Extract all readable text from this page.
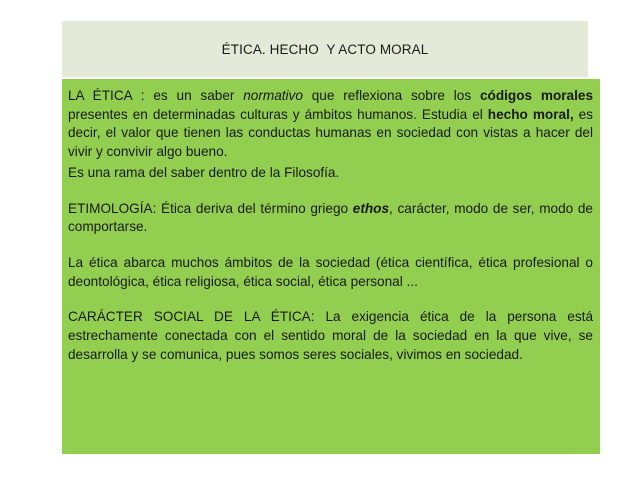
ÉTICA. HECHO  Y ACTO MORAL

LA ÉTICA : es un saber normativo que reflexiona sobre los códigos morales presentes en determinadas culturas y ámbitos humanos. Estudia el hecho moral, es decir, el valor que tienen las conductas humanas en sociedad con vistas a hacer del vivir y convivir algo bueno.

Es una rama del saber dentro de la Filosofía.

ETIMOLOGÍA: Ética deriva del término griego ethos, carácter, modo de ser, modo de comportarse.

La ética abarca muchos ámbitos de la sociedad (ética científica, ética profesional o deontológica, ética religiosa, ética social, ética personal ...

CARÁCTER SOCIAL DE LA ÉTICA: La exigencia ética de la persona está estrechamente conectada con el sentido moral de la sociedad en la que vive, se desarrolla y se comunica, pues somos seres sociales, vivimos en sociedad.
